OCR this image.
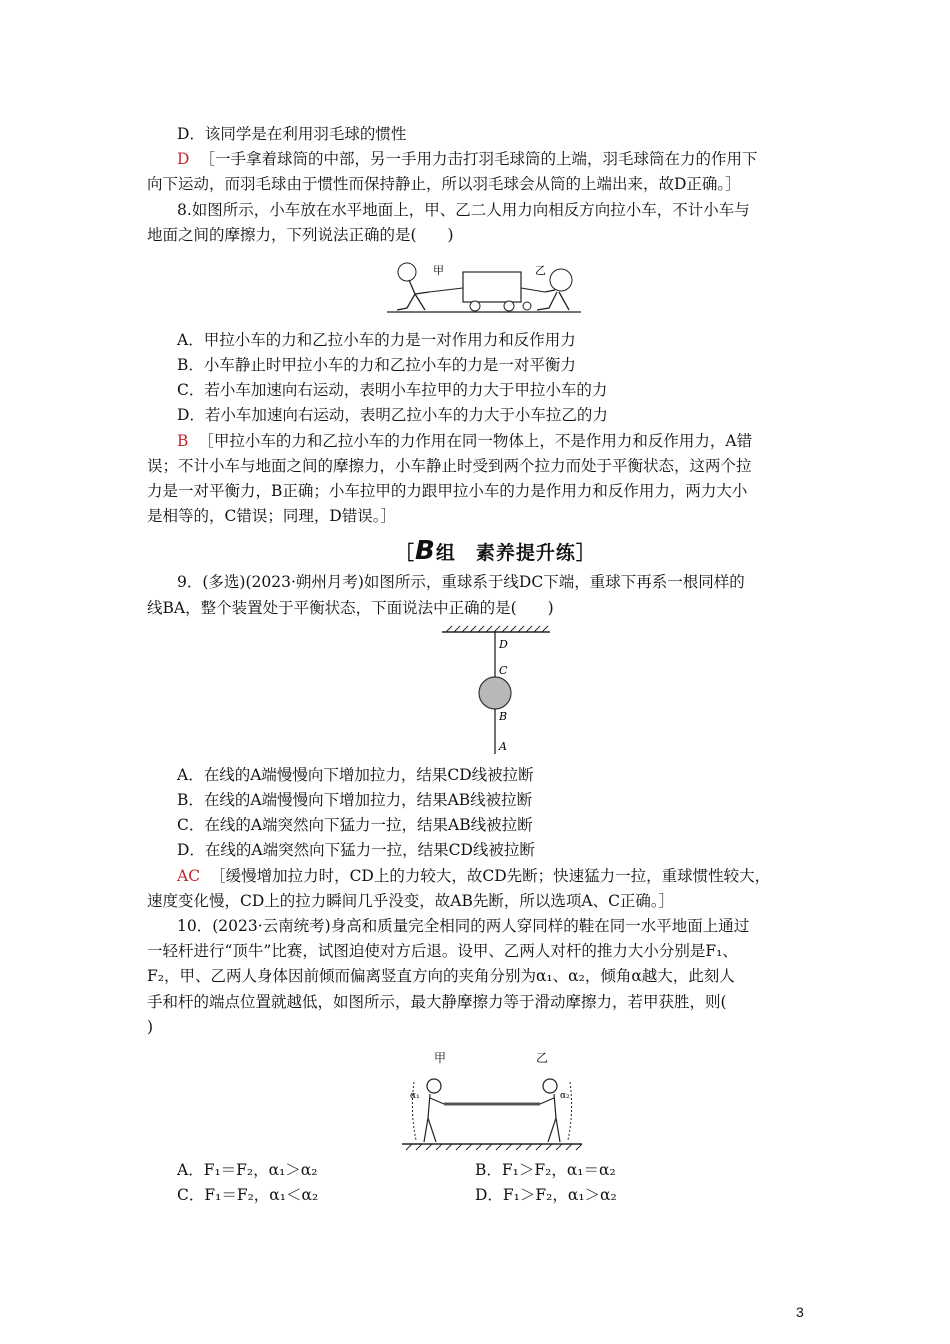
D．该同学是在利用羽毛球的惯性
D ［一手拿着球筒的中部，另一手用力击打羽毛球筒的上端，羽毛球筒在力的作用下
向下运动，而羽毛球由于惯性而保持静止，所以羽毛球会从筒的上端出来，故D正确。］
8.如图所示，小车放在水平地面上，甲、乙二人用力向相反方向拉小车，不计小车与
地面之间的摩擦力，下列说法正确的是(　　)
甲	乙
A．甲拉小车的力和乙拉小车的力是一对作用力和反作用力
B．小车静止时甲拉小车的力和乙拉小车的力是一对平衡力
C．若小车加速向右运动，表明小车拉甲的力大于甲拉小车的力
D．若小车加速向右运动，表明乙拉小车的力大于小车拉乙的力
B ［甲拉小车的力和乙拉小车的力作用在同一物体上，不是作用力和反作用力，A错
误；不计小车与地面之间的摩擦力，小车静止时受到两个拉力而处于平衡状态，这两个拉
力是一对平衡力，B正确；小车拉甲的力跟甲拉小车的力是作用力和反作用力，两力大小
是相等的，C错误；同理，D错误。］
［B组　素养提升练］
9．(多选)(2023·朔州月考)如图所示，重球系于线DC下端，重球下再系一根同样的
线BA，整个装置处于平衡状态，下面说法中正确的是(　　)
D
C
B
A
A．在线的A端慢慢向下增加拉力，结果CD线被拉断
B．在线的A端慢慢向下增加拉力，结果AB线被拉断
C．在线的A端突然向下猛力一拉，结果AB线被拉断
D．在线的A端突然向下猛力一拉，结果CD线被拉断
AC ［缓慢增加拉力时，CD上的力较大，故CD先断；快速猛力一拉，重球惯性较大，
速度变化慢，CD上的拉力瞬间几乎没变，故AB先断，所以选项A、C正确。］
10．(2023·云南统考)身高和质量完全相同的两人穿同样的鞋在同一水平地面上通过
一轻杆进行“顶牛”比赛，试图迫使对方后退。设甲、乙两人对杆的推力大小分别是F₁、
F₂，甲、乙两人身体因前倾而偏离竖直方向的夹角分别为α₁、α₂，倾角α越大，此刻人
手和杆的端点位置就越低，如图所示，最大静摩擦力等于滑动摩擦力，若甲获胜，则(
)
α₁	α₂
甲	乙
A．F₁＝F₂，α₁＞α₂	B．F₁＞F₂，α₁＝α₂
C．F₁＝F₂，α₁＜α₂	D．F₁＞F₂，α₁＞α₂
3
